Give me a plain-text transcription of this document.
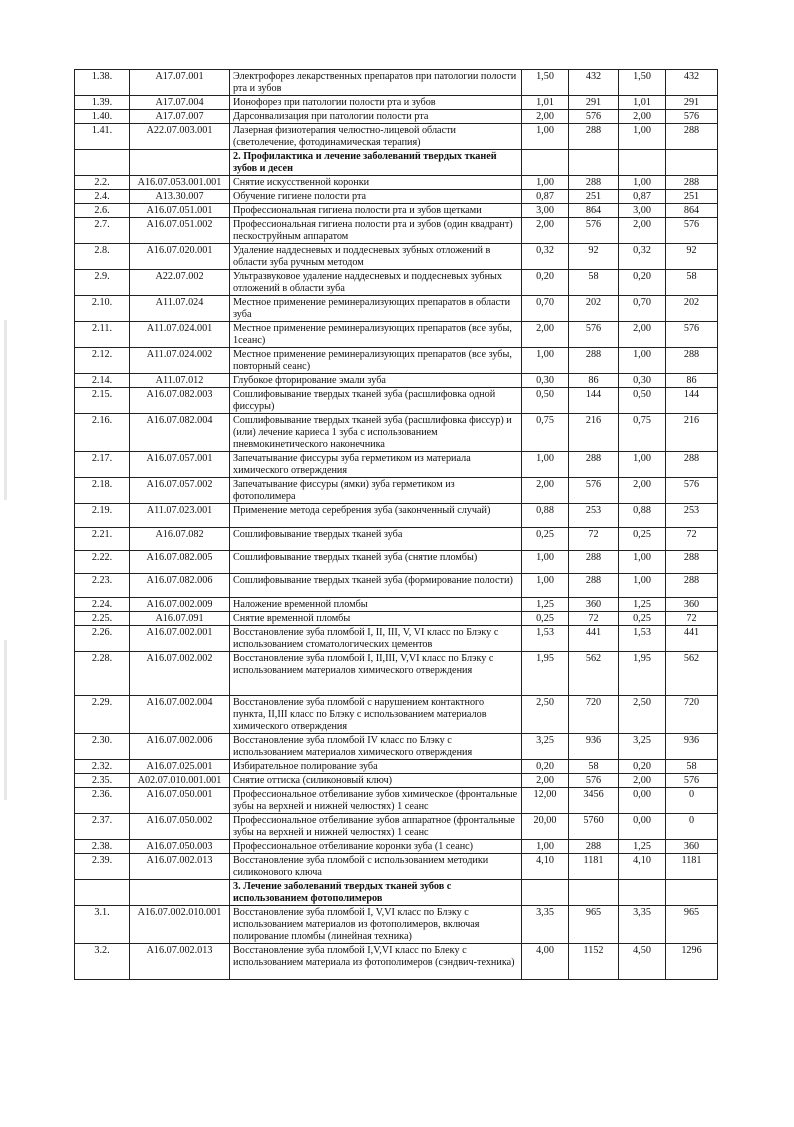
1.38.	A17.07.001	Электрофорез лекарственных препаратов при патологии полости рта и зубов	1,50	432	1,50	432
1.39.	A17.07.004	Ионофорез при патологии полости рта и зубов	1,01	291	1,01	291
1.40.	A17.07.007	Дарсонвализация при патологии полости рта	2,00	576	2,00	576
1.41.	A22.07.003.001	Лазерная физиотерапия челюстно-лицевой области (светолечение, фотодинамическая терапия)	1,00	288	1,00	288
		2. Профилактика и лечение заболеваний твердых тканей зубов и десен				
2.2.	A16.07.053.001.001	Снятие искусственной коронки	1,00	288	1,00	288
2.4.	A13.30.007	Обучение гигиене полости рта	0,87	251	0,87	251
2.6.	A16.07.051.001	Профессиональная гигиена полости рта и зубов щетками	3,00	864	3,00	864
2.7.	A16.07.051.002	Профессиональная гигиена полости рта и зубов (один квадрант) пескоструйным аппаратом	2,00	576	2,00	576
2.8.	A16.07.020.001	Удаление наддесневых и поддесневых зубных отложений в области зуба ручным методом	0,32	92	0,32	92
2.9.	A22.07.002	Ультразвуковое удаление наддесневых и поддесневых зубных отложений в области зуба	0,20	58	0,20	58
2.10.	A11.07.024	Местное применение реминерализующих препаратов в области зуба	0,70	202	0,70	202
2.11.	A11.07.024.001	Местное применение реминерализующих препаратов (все зубы, 1сеанс)	2,00	576	2,00	576
2.12.	A11.07.024.002	Местное применение реминерализующих препаратов (все зубы, повторный сеанс)	1,00	288	1,00	288
2.14.	A11.07.012	Глубокое фторирование эмали зуба	0,30	86	0,30	86
2.15.	A16.07.082.003	Сошлифовывание твердых тканей зуба (расшлифовка одной фиссуры)	0,50	144	0,50	144
2.16.	A16.07.082.004	Сошлифовывание твердых тканей зуба (расшлифовка фиссур) и (или) лечение кариеса 1 зуба с использованием пневмокинетического наконечника	0,75	216	0,75	216
2.17.	A16.07.057.001	Запечатывание фиссуры зуба герметиком из материала химического отверждения	1,00	288	1,00	288
2.18.	A16.07.057.002	Запечатывание фиссуры (ямки) зуба герметиком из фотополимера	2,00	576	2,00	576
2.19.	A11.07.023.001	Применение метода серебрения зуба (законченный случай)	0,88	253	0,88	253
2.21.	A16.07.082	Сошлифовывание твердых тканей зуба	0,25	72	0,25	72
2.22.	A16.07.082.005	Сошлифовывание твердых тканей зуба (снятие пломбы)	1,00	288	1,00	288
2.23.	A16.07.082.006	Сошлифовывание твердых тканей зуба (формирование полости)	1,00	288	1,00	288
2.24.	A16.07.002.009	Наложение временной пломбы	1,25	360	1,25	360
2.25.	A16.07.091	Снятие временной пломбы	0,25	72	0,25	72
2.26.	A16.07.002.001	Восстановление зуба пломбой I, II, III, V, VI класс по Блэку с использованием стоматологических цементов	1,53	441	1,53	441
2.28.	A16.07.002.002	Восстановление зуба пломбой I, II,III, V,VI класс по Блэку с использованием материалов химического отверждения	1,95	562	1,95	562
2.29.	A16.07.002.004	Восстановление зуба пломбой с нарушением контактного пункта, II,III класс по Блэку с использованием материалов химического отверждения	2,50	720	2,50	720
2.30.	A16.07.002.006	Восстановление зуба пломбой IV класс по Блэку с использованием материалов химического отверждения	3,25	936	3,25	936
2.32.	A16.07.025.001	Избирательное полирование зуба	0,20	58	0,20	58
2.35.	A02.07.010.001.001	Снятие оттиска (силиконовый ключ)	2,00	576	2,00	576
2.36.	A16.07.050.001	Профессиональное отбеливание зубов химическое (фронтальные зубы на верхней и нижней челюстях) 1 сеанс	12,00	3456	0,00	0
2.37.	A16.07.050.002	Профессиональное отбеливание зубов аппаратное (фронтальные зубы на верхней и нижней челюстях) 1 сеанс	20,00	5760	0,00	0
2.38.	A16.07.050.003	Профессиональное отбеливание коронки зуба (1 сеанс)	1,00	288	1,25	360
2.39.	A16.07.002.013	Восстановление зуба пломбой с использованием методики силиконового ключа	4,10	1181	4,10	1181
		3. Лечение заболеваний твердых тканей зубов с использованием фотополимеров				
3.1.	A16.07.002.010.001	Восстановление зуба пломбой I, V,VI класс по Блэку с использованием материалов из фотополимеров, включая полирование пломбы (линейная техника)	3,35	965	3,35	965
3.2.	A16.07.002.013	Восстановление зуба пломбой I,V,VI класс по Блеку с использованием материала из фотополимеров (сэндвич-техника)	4,00	1152	4,50	1296
